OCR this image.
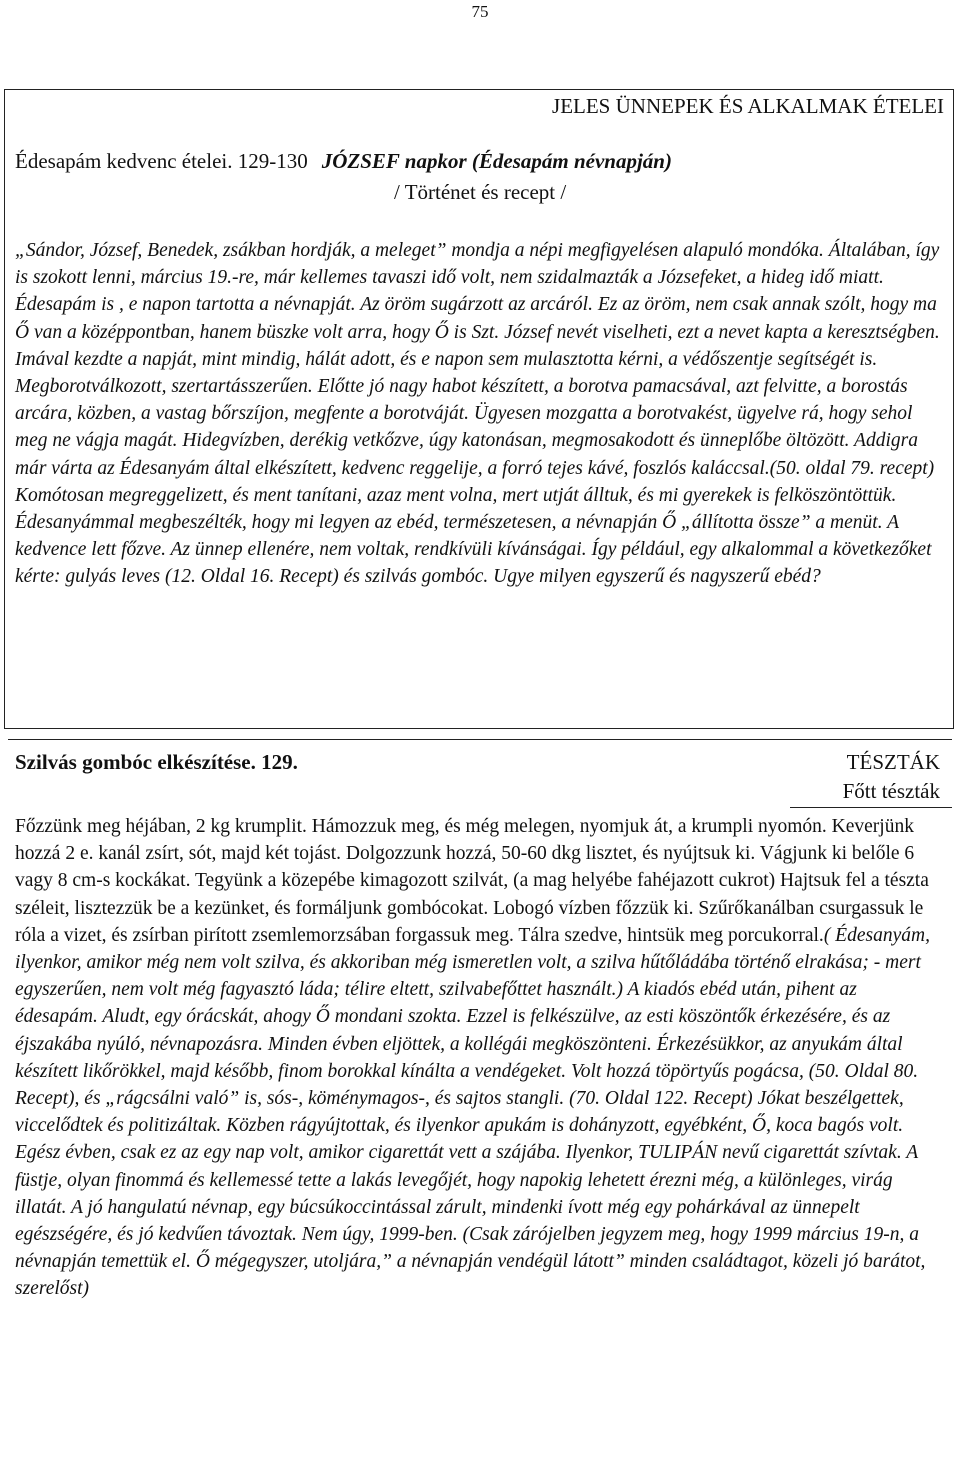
75
JELES ÜNNEPEK ÉS ALKALMAK ÉTELEI
Édesapám kedvenc ételei. 129-130 JÓZSEF napkor (Édesapám névnapján)
/ Történet és recept /

„Sándor, József, Benedek, zsákban hordják, a meleget” mondja a népi megfigyelésen alapuló mondóka. Általában, így is szokott lenni, március 19.-re, már kellemes tavaszi idő volt, nem szidalmazták a Józsefeket, a hideg idő miatt.

Édesapám is , e napon tartotta a névnapját. Az öröm sugárzott az arcáról. Ez az öröm, nem csak annak szólt, hogy ma Ő van a középpontban, hanem büszke volt arra, hogy Ő is Szt. József nevét viselheti, ezt a nevet kapta a keresztségben. Imával kezdte a napját, mint mindig, hálát adott, és e napon sem mulasztotta kérni, a védőszentje segítségét is. Megborotválkozott, szertartásszerűen. Előtte jó nagy habot készített, a borotva pamacsával, azt felvitte, a borostás arcára, közben, a vastag bőrszíjon, megfente a borotváját. Ügyesen mozgatta a borotvakést, ügyelve rá, hogy sehol meg ne vágja magát. Hidegvízben, derékig vetkőzve, úgy katonásan, megmosakodott és ünneplőbe öltözött. Addigra már várta az Édesanyám által elkészített, kedvenc reggelije, a forró tejes kávé, foszlós kaláccsal.(50. oldal 79. recept) Komótosan megreggelizett, és ment tanítani, azaz ment volna, mert utját álltuk, és mi gyerekek is felköszöntöttük. Édesanyámmal megbeszélték, hogy mi legyen az ebéd, természetesen, a névnapján Ő „állította össze” a menüt. A kedvence lett főzve. Az ünnep ellenére, nem voltak, rendkívüli kívánságai. Így például, egy alkalommal a következőket kérte: gulyás leves (12. Oldal 16. Recept) és szilvás gombóc. Ugye milyen egyszerű és nagyszerű ebéd?

Szilvás gombóc elkészítése. 129.	TÉSZTÁK
Főtt tészták
Főzzünk meg héjában, 2 kg krumplit. Hámozzuk meg, és még melegen, nyomjuk át, a krumpli nyomón. Keverjünk hozzá 2 e. kanál zsírt, sót, majd két tojást. Dolgozzunk hozzá, 50-60 dkg lisztet, és nyújtsuk ki. Vágjunk ki belőle 6 vagy 8 cm-s kockákat. Tegyünk a közepébe kimagozott szilvát, (a mag helyébe fahéjazott cukrot) Hajtsuk fel a tészta széleit, lisztezzük be a kezünket, és formáljunk gombócokat. Lobogó vízben főzzük ki. Szűrőkanálban csurgassuk le róla a vizet, és zsírban pirított zsemlemorzsában forgassuk meg. Tálra szedve, hintsük meg porcukorral.( Édesanyám, ilyenkor, amikor még nem volt szilva, és akkoriban még ismeretlen volt, a szilva hűtőládába történő elrakása; - mert egyszerűen, nem volt még fagyasztó láda; télire eltett, szilvabefőttet használt.) A kiadós ebéd után, pihent az édesapám. Aludt, egy órácskát, ahogy Ő mondani szokta. Ezzel is felkészülve, az esti köszöntők érkezésére, és az éjszakába nyúló, névnapozásra. Minden évben eljöttek, a kollégái megköszönteni. Érkezésükkor, az anyukám által készített likőrökkel, majd később, finom borokkal kínálta a vendégeket. Volt hozzá töpörtyűs pogácsa, (50. Oldal 80. Recept), és „rágcsálni való” is, sós-, köménymagos-, és sajtos stangli. (70. Oldal 122. Recept) Jókat beszélgettek, viccelődtek és politizáltak. Közben rágyújtottak, és ilyenkor apukám is dohányzott, egyébként, Ő, koca bagós volt. Egész évben, csak ez az egy nap volt, amikor cigarettát vett a szájába. Ilyenkor, TULIPÁN nevű cigarettát szívtak. A füstje, olyan finommá és kellemessé tette a lakás levegőjét, hogy napokig lehetett érezni még, a különleges, virág illatát. A jó hangulatú névnap, egy búcsúkoccintással zárult, mindenki ívott még egy pohárkával az ünnepelt egészségére, és jó kedvűen távoztak. Nem úgy, 1999-ben. (Csak zárójelben jegyzem meg, hogy 1999 március 19-n, a névnapján temettük el. Ő mégegyszer, utoljára,” a névnapján vendégül látott” minden családtagot, közeli jó barátot, szerelőst)
